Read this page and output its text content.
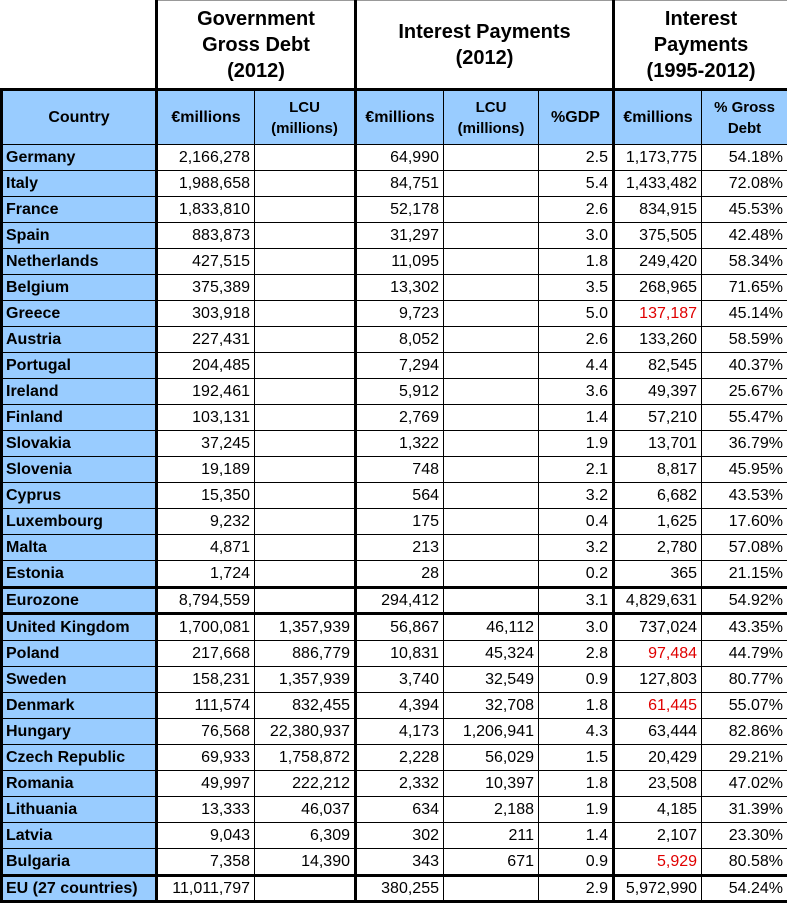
	Government Gross Debt (2012)		Interest Payments (2012)			Interest Payments (1995-2012)	
Country	€millions	LCU (millions)	€millions	LCU (millions)	%GDP	€millions	% Gross Debt
Germany	2,166,278		64,990		2.5	1,173,775	54.18%
Italy	1,988,658		84,751		5.4	1,433,482	72.08%
France	1,833,810		52,178		2.6	834,915	45.53%
Spain	883,873		31,297		3.0	375,505	42.48%
Netherlands	427,515		11,095		1.8	249,420	58.34%
Belgium	375,389		13,302		3.5	268,965	71.65%
Greece	303,918		9,723		5.0	137,187	45.14%
Austria	227,431		8,052		2.6	133,260	58.59%
Portugal	204,485		7,294		4.4	82,545	40.37%
Ireland	192,461		5,912		3.6	49,397	25.67%
Finland	103,131		2,769		1.4	57,210	55.47%
Slovakia	37,245		1,322		1.9	13,701	36.79%
Slovenia	19,189		748		2.1	8,817	45.95%
Cyprus	15,350		564		3.2	6,682	43.53%
Luxembourg	9,232		175		0.4	1,625	17.60%
Malta	4,871		213		3.2	2,780	57.08%
Estonia	1,724		28		0.2	365	21.15%
Eurozone	8,794,559		294,412		3.1	4,829,631	54.92%
United Kingdom	1,700,081	1,357,939	56,867	46,112	3.0	737,024	43.35%
Poland	217,668	886,779	10,831	45,324	2.8	97,484	44.79%
Sweden	158,231	1,357,939	3,740	32,549	0.9	127,803	80.77%
Denmark	111,574	832,455	4,394	32,708	1.8	61,445	55.07%
Hungary	76,568	22,380,937	4,173	1,206,941	4.3	63,444	82.86%
Czech Republic	69,933	1,758,872	2,228	56,029	1.5	20,429	29.21%
Romania	49,997	222,212	2,332	10,397	1.8	23,508	47.02%
Lithuania	13,333	46,037	634	2,188	1.9	4,185	31.39%
Latvia	9,043	6,309	302	211	1.4	2,107	23.30%
Bulgaria	7,358	14,390	343	671	0.9	5,929	80.58%
EU (27 countries)	11,011,797		380,255		2.9	5,972,990	54.24%
